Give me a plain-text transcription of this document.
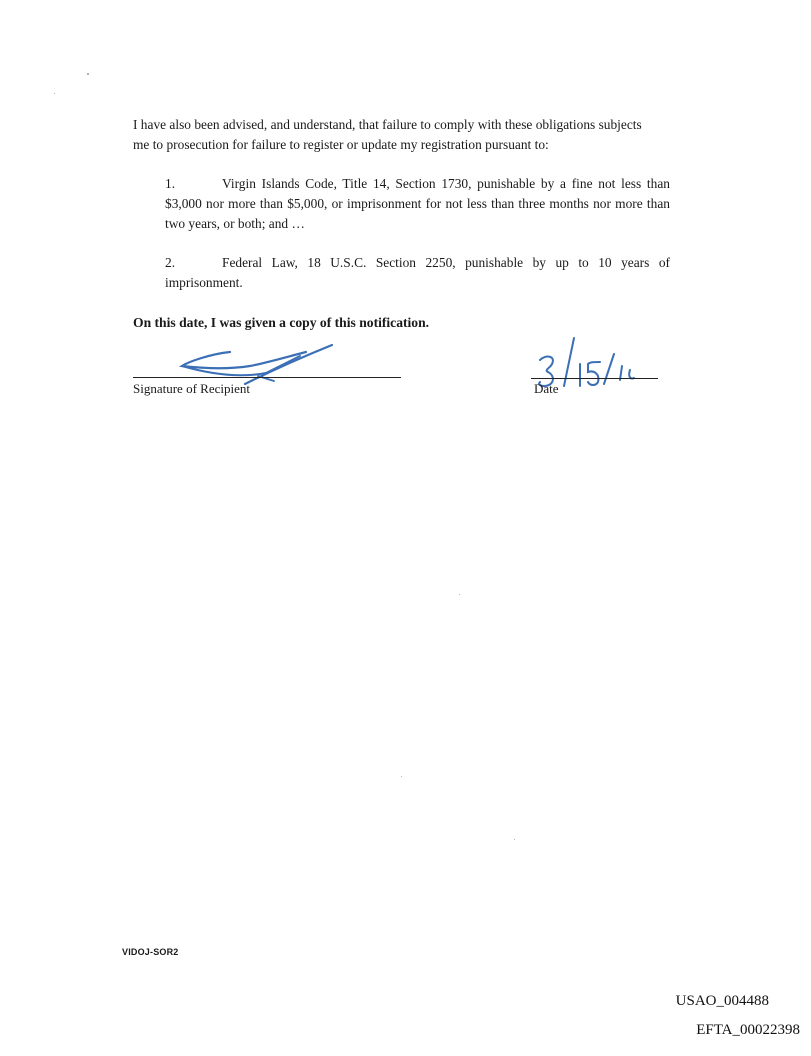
I have also been advised, and understand, that failure to comply with these obligations subjects me to prosecution for failure to register or update my registration pursuant to:

1.	Virgin Islands Code, Title 14, Section 1730, punishable by a fine not less than $3,000 nor more than $5,000, or imprisonment for not less than three months nor more than two years, or both; and …
2.	Federal Law, 18 U.S.C. Section 2250, punishable by up to 10 years of imprisonment.
On this date, I was given a copy of this notification.
Signature of Recipient	Date
VIDOJ-SOR2
USAO_004488
EFTA_00022398
